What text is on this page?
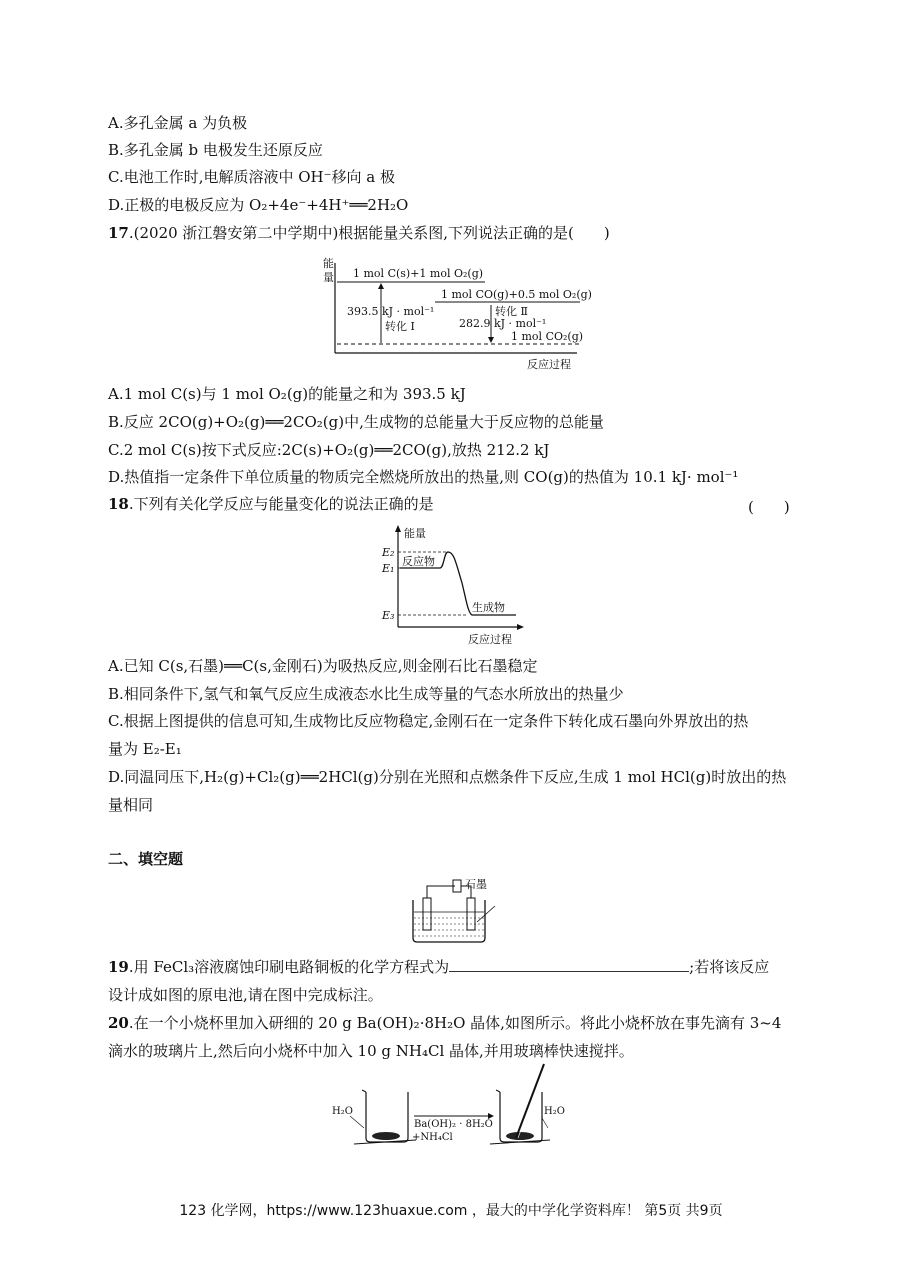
A.多孔金属 a 为负极
B.多孔金属 b 电极发生还原反应
C.电池工作时,电解质溶液中 OH⁻移向 a 极
D.正极的电极反应为 O₂+4e⁻+4H⁺══2H₂O
17.(2020 浙江磐安第二中学期中)根据能量关系图,下列说法正确的是(　　)
能
量
反应过程
1 mol C(s)+1 mol O₂(g)
1 mol CO(g)+0.5 mol O₂(g)
1 mol CO₂(g)
393.5 kJ · mol⁻¹
转化 Ⅰ
转化 Ⅱ
282.9 kJ · mol⁻¹
A.1 mol C(s)与 1 mol O₂(g)的能量之和为 393.5 kJ
B.反应 2CO(g)+O₂(g)══2CO₂(g)中,生成物的总能量大于反应物的总能量
C.2 mol C(s)按下式反应:2C(s)+O₂(g)══2CO(g),放热 212.2 kJ
D.热值指一定条件下单位质量的物质完全燃烧所放出的热量,则 CO(g)的热值为 10.1 kJ· mol⁻¹
18.下列有关化学反应与能量变化的说法正确的是	(　　)
能量
反应过程
E₂
E₁
E₃
反应物
生成物
A.已知 C(s,石墨)══C(s,金刚石)为吸热反应,则金刚石比石墨稳定
B.相同条件下,氢气和氧气反应生成液态水比生成等量的气态水所放出的热量少
C.根据上图提供的信息可知,生成物比反应物稳定,金刚石在一定条件下转化成石墨向外界放出的热
量为 E₂-E₁
D.同温同压下,H₂(g)+Cl₂(g)══2HCl(g)分别在光照和点燃条件下反应,生成 1 mol HCl(g)时放出的热
量相同
二、填空题
石墨
19.用 FeCl₃溶液腐蚀印刷电路铜板的化学方程式为	;若将该反应
设计成如图的原电池,请在图中完成标注。
20.在一个小烧杯里加入研细的 20 g Ba(OH)₂·8H₂O 晶体,如图所示。将此小烧杯放在事先滴有 3~4
滴水的玻璃片上,然后向小烧杯中加入 10 g NH₄Cl 晶体,并用玻璃棒快速搅拌。
H₂O
Ba(OH)₂ · 8H₂O
+NH₄Cl
H₂O
123 化学网，https://www.123huaxue.com ，最大的中学化学资料库！ 第5页 共9页
